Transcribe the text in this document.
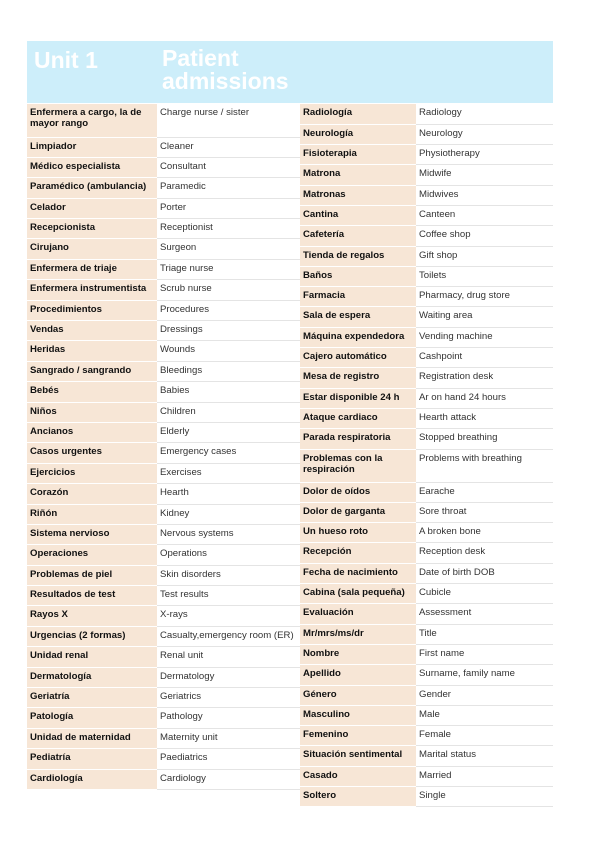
Unit 1	Patient
admissions
Enfermera a cargo, la de mayor rango	Charge nurse / sister
Limpiador	Cleaner
Médico especialista	Consultant
Paramédico (ambulancia)	Paramedic
Celador	Porter
Recepcionista	Receptionist
Cirujano	Surgeon
Enfermera de triaje	Triage nurse
Enfermera instrumentista	Scrub nurse
Procedimientos	Procedures
Vendas	Dressings
Heridas	Wounds
Sangrado / sangrando	Bleedings
Bebés	Babies
Niños	Children
Ancianos	Elderly
Casos urgentes	Emergency cases
Ejercicios	Exercises
Corazón	Hearth
Riñón	Kidney
Sistema nervioso	Nervous systems
Operaciones	Operations
Problemas de piel	Skin disorders
Resultados de test	Test results
Rayos X	X-rays
Urgencias (2 formas)	Casualty,emergency room (ER)
Unidad renal	Renal unit
Dermatología	Dermatology
Geriatría	Geriatrics
Patología	Pathology
Unidad de maternidad	Maternity unit
Pediatría	Paediatrics
Cardiología	Cardiology
Radiología	Radiology
Neurología	Neurology
Fisioterapia	Physiotherapy
Matrona	Midwife
Matronas	Midwives
Cantina	Canteen
Cafetería	Coffee shop
Tienda de regalos	Gift shop
Baños	Toilets
Farmacia	Pharmacy, drug store
Sala de espera	Waiting area
Máquina expendedora	Vending machine
Cajero automático	Cashpoint
Mesa de registro	Registration desk
Estar disponible 24 h	Ar on hand 24 hours
Ataque cardiaco	Hearth attack
Parada respiratoria	Stopped breathing
Problemas con la respiración	Problems with breathing
Dolor de oídos	Earache
Dolor de garganta	Sore throat
Un hueso roto	A broken bone
Recepción	Reception desk
Fecha de nacimiento	Date of birth DOB
Cabina (sala pequeña)	Cubicle
Evaluación	Assessment
Mr/mrs/ms/dr	Title
Nombre	First name
Apellido	Surname, family name
Género	Gender
Masculino	Male
Femenino	Female
Situación sentimental	Marital status
Casado	Married
Soltero	Single
